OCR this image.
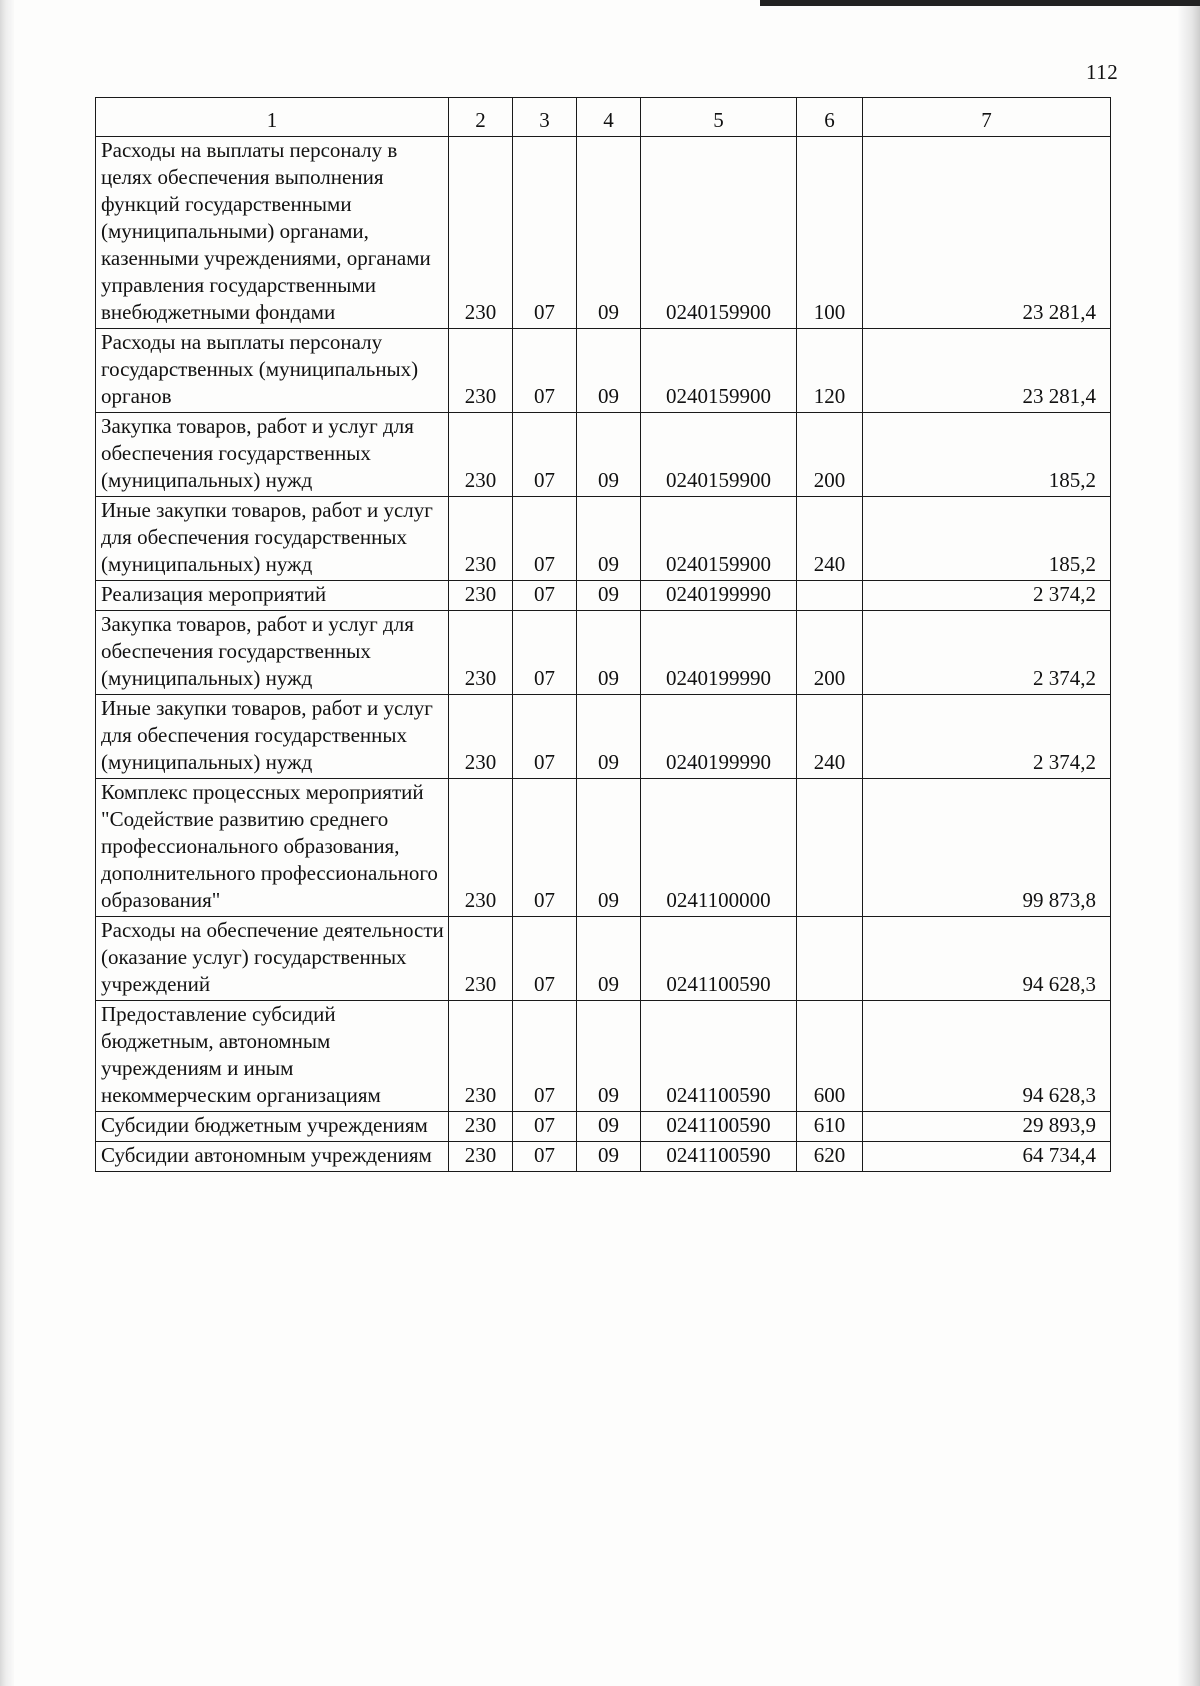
112
1	2	3	4	5	6	7
Расходы на выплаты персоналу в целях обеспечения выполнения функций государственными (муниципальными) органами, казенными учреждениями, органами управления государственными внебюджетными фондами	230	07	09	0240159900	100	23 281,4
Расходы на выплаты персоналу государственных (муниципальных) органов	230	07	09	0240159900	120	23 281,4
Закупка товаров, работ и услуг для обеспечения государственных (муниципальных) нужд	230	07	09	0240159900	200	185,2
Иные закупки товаров, работ и услуг для обеспечения государственных (муниципальных) нужд	230	07	09	0240159900	240	185,2
Реализация мероприятий	230	07	09	0240199990		2 374,2
Закупка товаров, работ и услуг для обеспечения государственных (муниципальных) нужд	230	07	09	0240199990	200	2 374,2
Иные закупки товаров, работ и услуг для обеспечения государственных (муниципальных) нужд	230	07	09	0240199990	240	2 374,2
Комплекс процессных мероприятий "Содействие развитию среднего профессионального образования, дополнительного профессионального образования"	230	07	09	0241100000		99 873,8
Расходы на обеспечение деятельности (оказание услуг) государственных учреждений	230	07	09	0241100590		94 628,3
Предоставление субсидий бюджетным, автономным учреждениям и иным некоммерческим организациям	230	07	09	0241100590	600	94 628,3
Субсидии бюджетным учреждениям	230	07	09	0241100590	610	29 893,9
Субсидии автономным учреждениям	230	07	09	0241100590	620	64 734,4
